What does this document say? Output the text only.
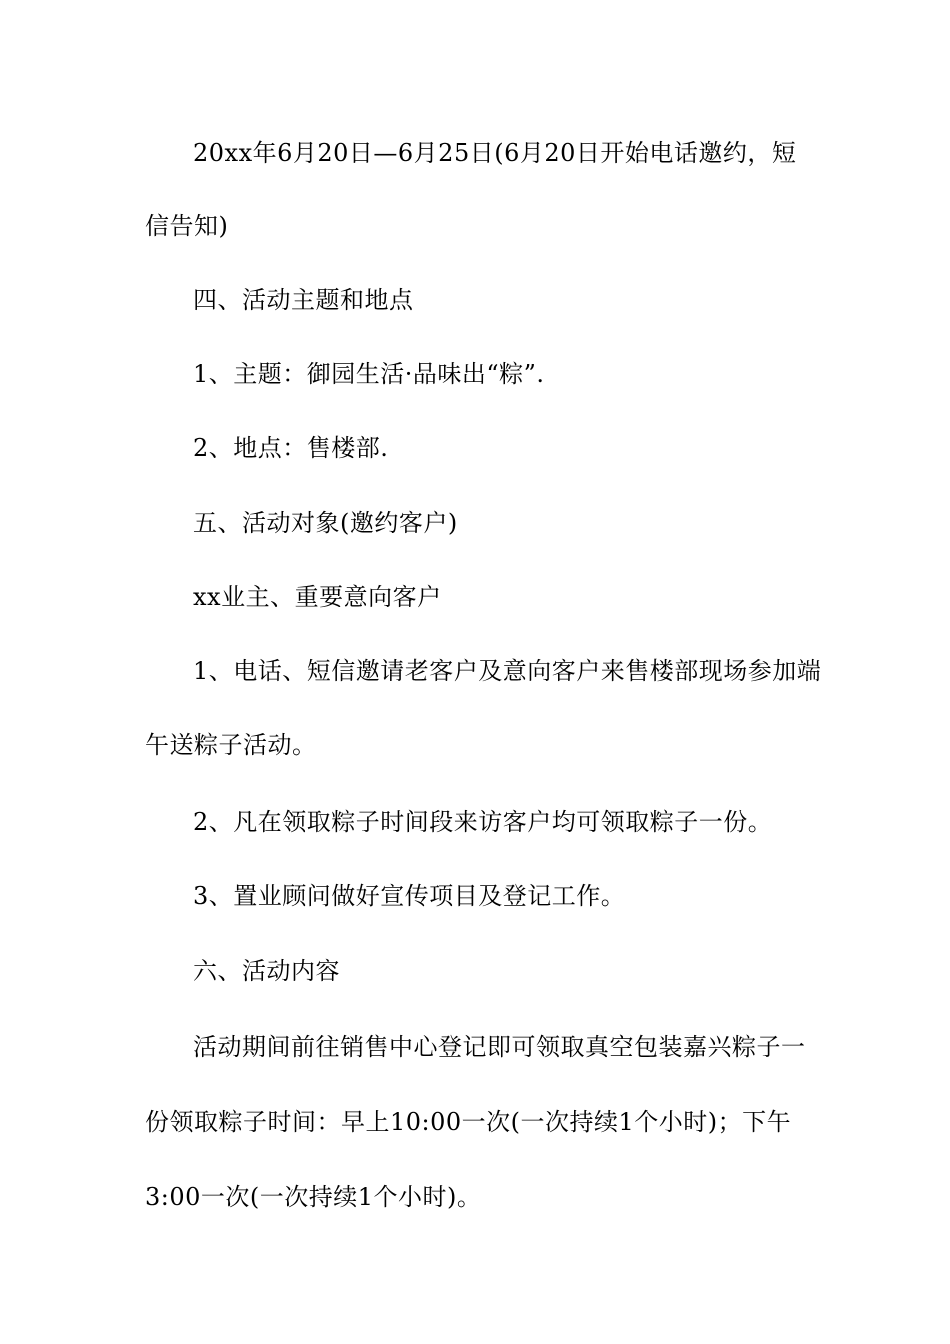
20xx年6月20日—6月25日(6月20日开始电话邀约，短
信告知)
四、活动主题和地点
1、主题：御园生活·品味出“粽”.
2、地点：售楼部.
五、活动对象(邀约客户)
xx业主、重要意向客户
1、电话、短信邀请老客户及意向客户来售楼部现场参加端
午送粽子活动。
2、凡在领取粽子时间段来访客户均可领取粽子一份。
3、置业顾问做好宣传项目及登记工作。
六、活动内容
活动期间前往销售中心登记即可领取真空包装嘉兴粽子一
份领取粽子时间：早上10:00一次(一次持续1个小时)；下午
3:00一次(一次持续1个小时)。
